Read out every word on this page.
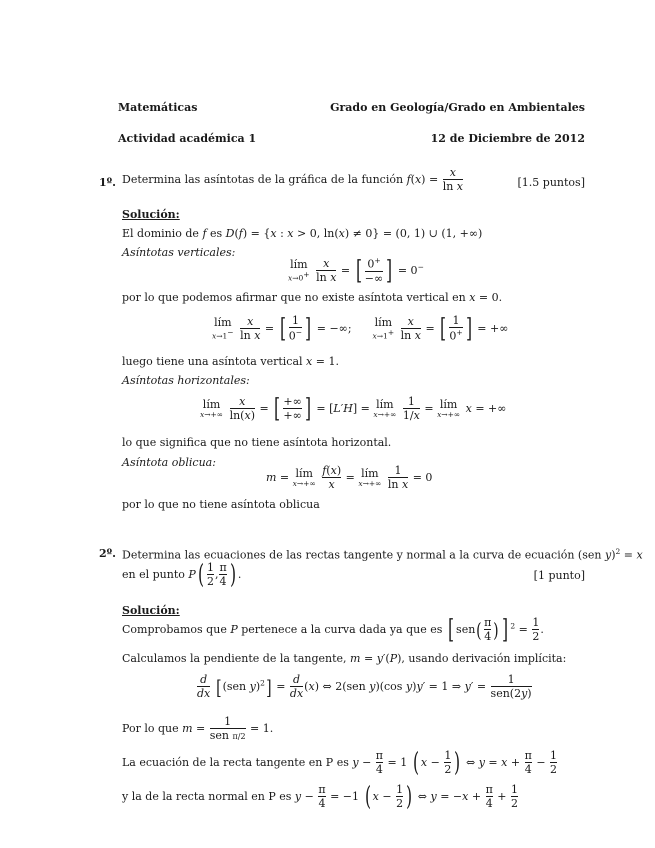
Matemáticas	Grado en Geología/Grado en Ambientales
Actividad académica 1	12 de Diciembre de 2012
1º. Determina las asíntotas de la gráfica de la función $f(x) = \frac{x}{\text{ln x}}$	[1.5 puntos]
Solución:
El dominio de f es D(f) = {x : x > 0, ln(x) ≠ 0} = (0, 1) ∪ (1, +∞)
Asíntotas verticales:
lím
x→0+
$\frac{x}{\text{ln x}}$ = [ $\frac{0^+}{-\infty}$ ] = 0−
por lo que podemos afirmar que no existe asíntota vertical en x = 0.
lím
x→1−
$\frac{x}{\text{ln x}}$ = [ $\frac{1}{0^-}$ ] = −∞; lím
x→1+
$\frac{x}{\text{ln x}}$ = [ $\frac{1}{0^+}$ ] = +∞
luego tiene una asíntota vertical x = 1.
Asíntotas horizontales:
lím
x→+∞
$\frac{x}{\ln(x)}$ = [ $\frac{+\infty}{+\infty}$ ] = [L′H] = lím
x→+∞
$\frac{1}{1/x}$ = lím
x→+∞ x = +∞
lo que significa que no tiene asíntota horizontal.
Asíntota oblicua:
m = lím
x→+∞
$\frac{f(x)}{x}$ = lím
x→+∞
$\frac{1}{\text{ln x}} = 0$
por lo que no tiene asíntota oblicua
2º. Determina las ecuaciones de las rectas tangente y normal a la curva de ecuación (sen y)$^2$ = x
en el punto $P( \frac{1}{2}$ , $\frac{\pi}{4}$ ) .	[1 punto]
Solución:
Comprobamos que P pertenece a la curva dada ya que es [ $sen( \frac{\pi}{4}$ ) ] $^2 = \frac{1}{2}$ .
Calculamos la pendiente de la tangente, m = y′(P), usando derivación implícita:
$\frac{d}{dx} [(sen$ $y)^2] = \frac{d}{dx} (x)$ ⇔ 2(sen y)(cos y)y′ = 1 ⇒ $y' = \frac{1}{\text{sen(2y)}}$
Por lo que $m = \frac{1}{\text{sen π/2}} = 1$.
La ecuación de la recta tangente en P es $y - \frac{\pi}{4} = 1$ ( $x - \frac{1}{2}$ ) ⇔ $y = x + \frac{\pi}{4} - \frac{1}{2}$
y la de la recta normal en P es $y - \frac{\pi}{4} = -1$ ( $x - \frac{1}{2}$ ) ⇔ $y = -x + \frac{\pi}{4} + \frac{1}{2}$
